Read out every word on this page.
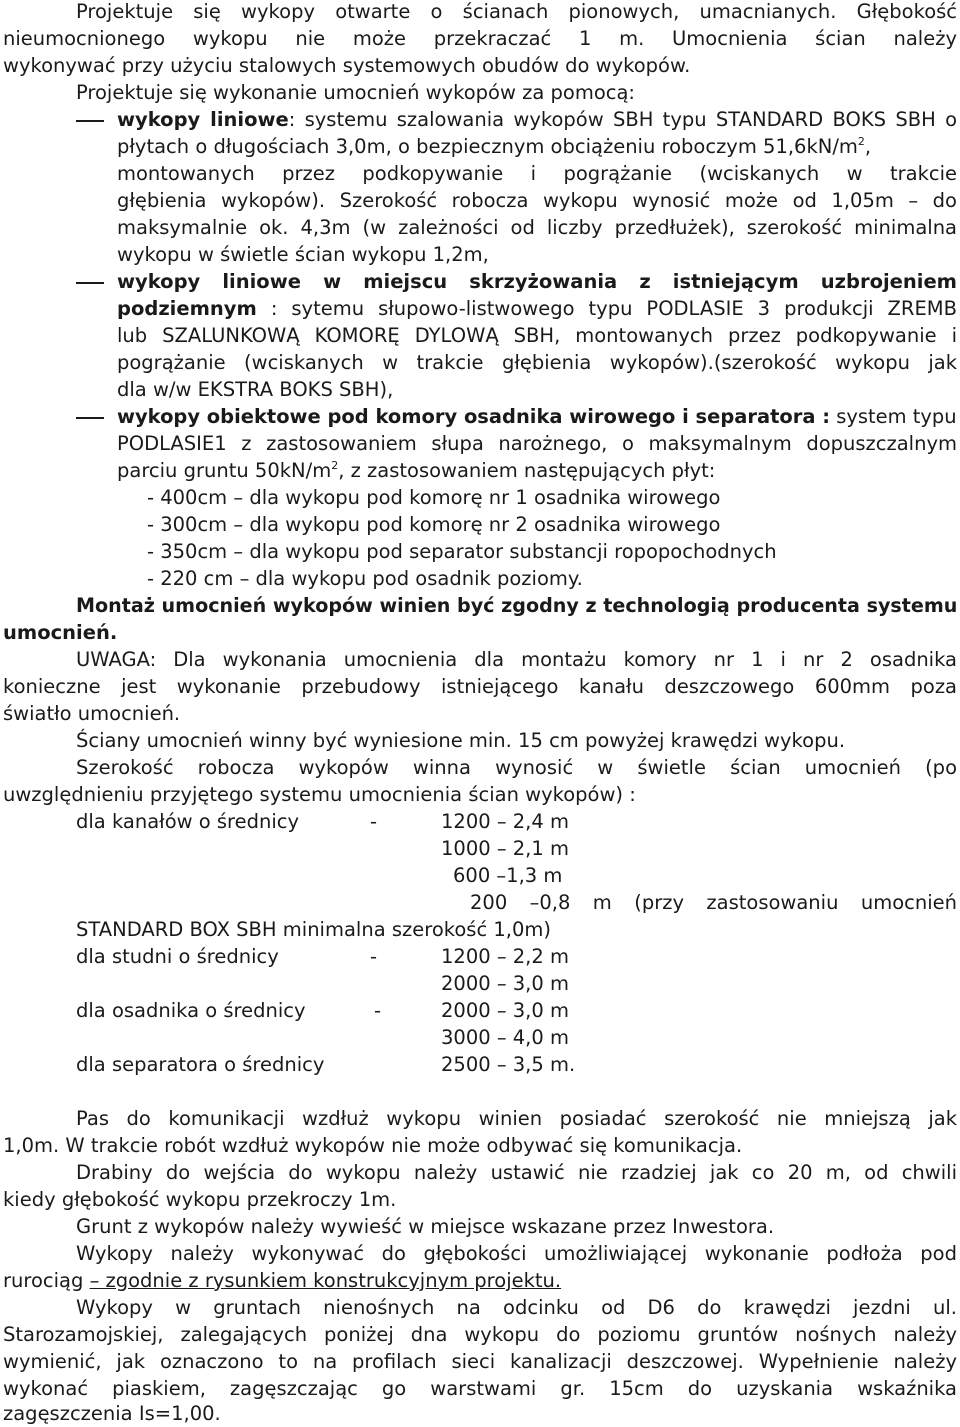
Projektuje się wykopy otwarte o ścianach pionowych, umacnianych. Głębokość
nieumocnionego wykopu nie może przekraczać 1 m. Umocnienia ścian należy
wykonywać przy użyciu stalowych systemowych obudów do wykopów.
Projektuje się wykonanie umocnień wykopów za pomocą:
wykopy liniowe: systemu szalowania wykopów SBH typu STANDARD BOKS SBH o
płytach o długościach 3,0m, o bezpiecznym obciążeniu roboczym $51,6kN/m^2$,
montowanych przez podkopywanie i pogrążanie (wciskanych w trakcie
głębienia wykopów). Szerokość robocza wykopu wynosić może od 1,05m – do
maksymalnie ok. 4,3m (w zależności od liczby przedłużek), szerokość minimalna
wykopu w świetle ścian wykopu 1,2m,
wykopy liniowe w miejscu skrzyżowania z istniejącym uzbrojeniem
podziemnym : sytemu słupowo-listwowego typu PODLASIE 3 produkcji ZREMB
lub SZALUNKOWĄ KOMORĘ DYLOWĄ SBH, montowanych przez podkopywanie i
pogrążanie (wciskanych w trakcie głębienia wykopów).(szerokość wykopu jak
dla w/w EKSTRA BOKS SBH),
wykopy obiektowe pod komory osadnika wirowego i separatora : system typu
PODLASIE1 z zastosowaniem słupa narożnego, o maksymalnym dopuszczalnym
parciu gruntu $50kN/m^2$, z zastosowaniem następujących płyt:
- 400cm – dla wykopu pod komorę nr 1 osadnika wirowego
- 300cm – dla wykopu pod komorę nr 2 osadnika wirowego
- 350cm – dla wykopu pod separator substancji ropopochodnych
- 220 cm – dla wykopu pod osadnik poziomy.
Montaż umocnień wykopów winien być zgodny z technologią producenta systemu
umocnień.
UWAGA: Dla wykonania umocnienia dla montażu komory nr 1 i nr 2 osadnika
konieczne jest wykonanie przebudowy istniejącego kanału deszczowego 600mm poza
światło umocnień.
Ściany umocnień winny być wyniesione min. 15 cm powyżej krawędzi wykopu.
Szerokość robocza wykopów winna wynosić w świetle ścian umocnień (po
uwzględnieniu przyjętego systemu umocnienia ścian wykopów) :
dla kanałów o średnicy	-	1200 – 2,4 m
1000 – 2,1 m
600 –1,3 m
200 –0,8 m (przy zastosowaniu umocnień
STANDARD BOX SBH minimalna szerokość 1,0m)
dla studni o średnicy	-	1200 – 2,2 m
2000 – 3,0 m
dla osadnika o średnicy	-	2000 – 3,0 m
3000 – 4,0 m
dla separatora o średnicy	2500 – 3,5 m.
Pas do komunikacji wzdłuż wykopu winien posiadać szerokość nie mniejszą jak
1,0m. W trakcie robót wzdłuż wykopów nie może odbywać się komunikacja.
Drabiny do wejścia do wykopu należy ustawić nie rzadziej jak co 20 m, od chwili
kiedy głębokość wykopu przekroczy 1m.
Grunt z wykopów należy wywieść w miejsce wskazane przez Inwestora.
Wykopy należy wykonywać do głębokości umożliwiającej wykonanie podłoża pod
rurociąg – zgodnie z rysunkiem konstrukcyjnym projektu.
Wykopy w gruntach nienośnych na odcinku od D6 do krawędzi jezdni ul.
Starozamojskiej, zalegających poniżej dna wykopu do poziomu gruntów nośnych należy
wymienić, jak oznaczono to na profilach sieci kanalizacji deszczowej. Wypełnienie należy
wykonać piaskiem, zagęszczając go warstwami gr. 15cm do uzyskania wskaźnika
zagęszczenia Is=1,00.
